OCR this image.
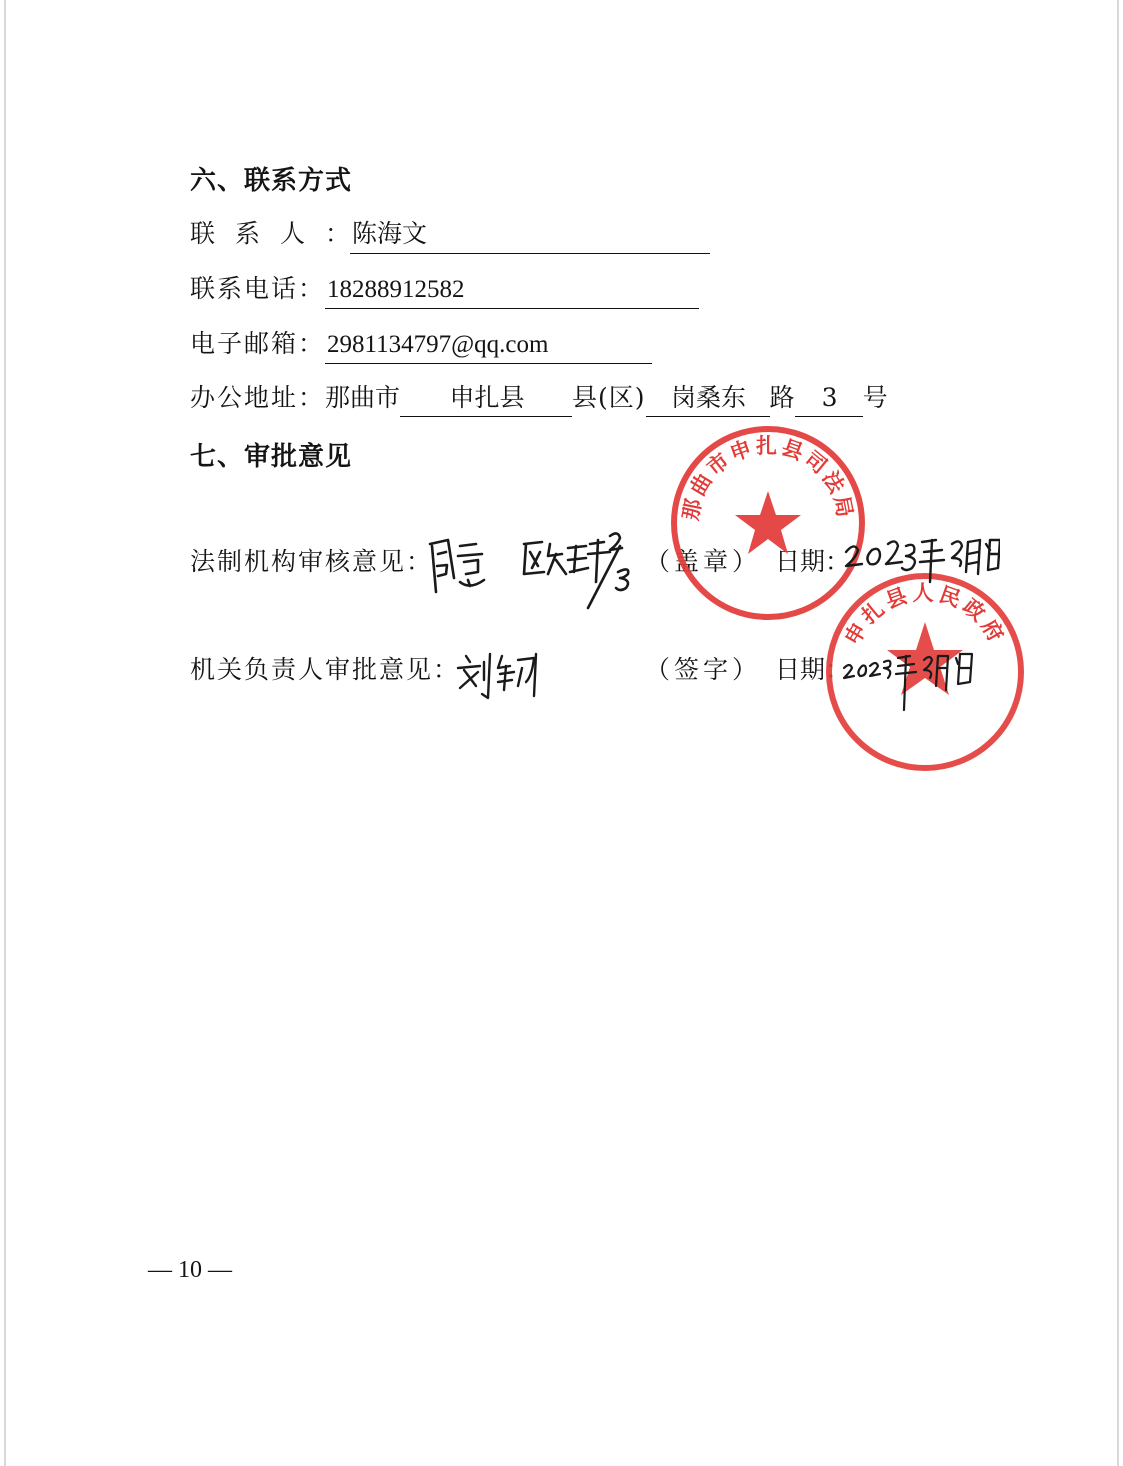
六、联系方式
联系人：陈海文
联系电话：18288912582
电子邮箱：2981134797@qq.com
办公地址：那曲市 申扎县 县(区) 岗桑东 路 3 号
七、审批意见
法制机构审核意见：	（盖章） 日期：
机关负责人审批意见：	（签字） 日期：
那曲市申扎县司法局
申扎县人民政府
— 10 —
